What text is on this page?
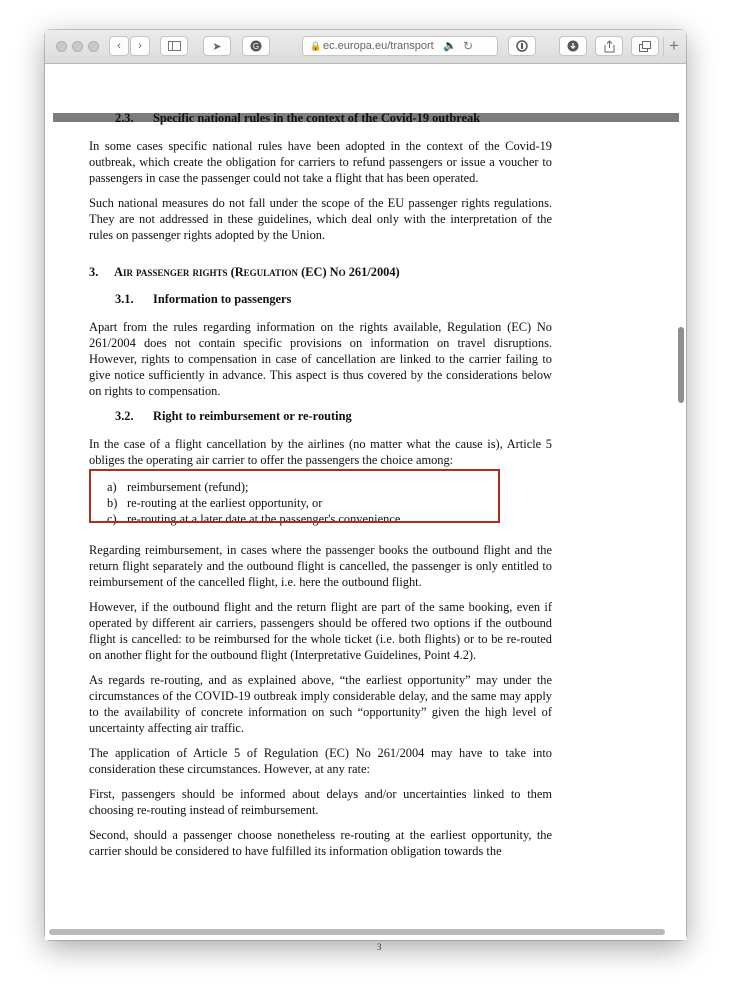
‹ ›	➤	G	🔒 ec.europa.eu/transport 🔈 ↻	+
3
2.3. Specific national rules in the context of the Covid-19 outbreak

In some cases specific national rules have been adopted in the context of the Covid-19 outbreak, which create the obligation for carriers to refund passengers or issue a voucher to passengers in case the passenger could not take a flight that has been operated.

Such national measures do not fall under the scope of the EU passenger rights regulations. They are not addressed in these guidelines, which deal only with the interpretation of the rules on passenger rights adopted by the Union.

3. Air passenger rights (Regulation (EC) No 261/2004)
3.1. Information to passengers

Apart from the rules regarding information on the rights available, Regulation (EC) No 261/2004 does not contain specific provisions on information on travel disruptions. However, rights to compensation in case of cancellation are linked to the carrier failing to give notice sufficiently in advance. This aspect is thus covered by the considerations below on rights to compensation.

3.2. Right to reimbursement or re-routing

In the case of a flight cancellation by the airlines (no matter what the cause is), Article 5 obliges the operating air carrier to offer the passengers the choice among:

a) reimbursement (refund);
b) re-routing at the earliest opportunity, or
c) re-routing at a later date at the passenger's convenience.

Regarding reimbursement, in cases where the passenger books the outbound flight and the return flight separately and the outbound flight is cancelled, the passenger is only entitled to reimbursement of the cancelled flight, i.e. here the outbound flight.

However, if the outbound flight and the return flight are part of the same booking, even if operated by different air carriers, passengers should be offered two options if the outbound flight is cancelled: to be reimbursed for the whole ticket (i.e. both flights) or to be re-routed on another flight for the outbound flight (Interpretative Guidelines, Point 4.2).

As regards re-routing, and as explained above, “the earliest opportunity” may under the circumstances of the COVID-19 outbreak imply considerable delay, and the same may apply to the availability of concrete information on such “opportunity” given the high level of uncertainty affecting air traffic.

The application of Article 5 of Regulation (EC) No 261/2004 may have to take into consideration these circumstances. However, at any rate:

First, passengers should be informed about delays and/or uncertainties linked to them choosing re-routing instead of reimbursement.

Second, should a passenger choose nonetheless re-routing at the earliest opportunity, the carrier should be considered to have fulfilled its information obligation towards the
